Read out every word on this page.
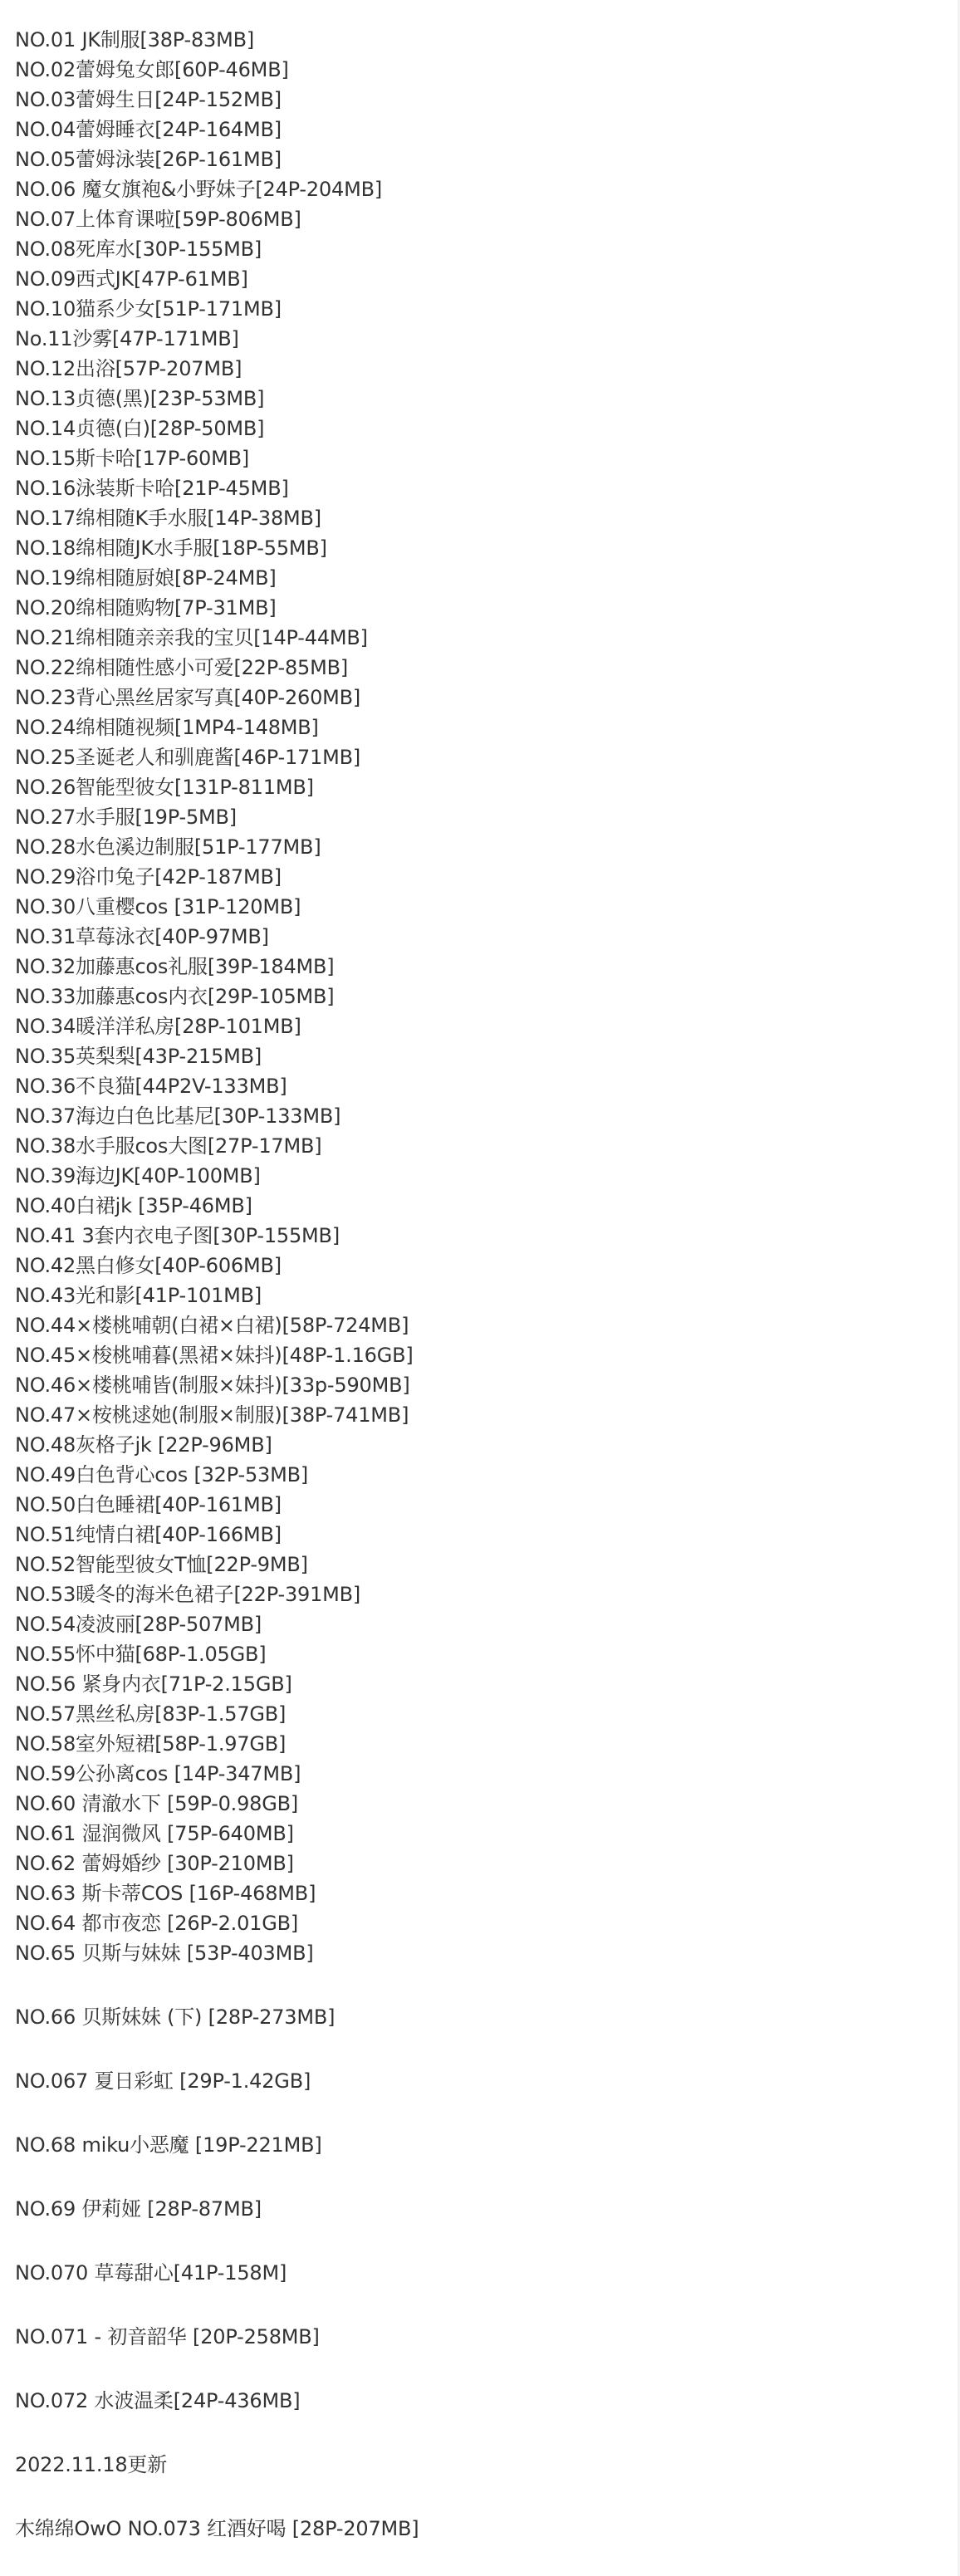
NO.01 JK制服[38P-83MB]
NO.02蕾姆兔女郎[60P-46MB]
NO.03蕾姆生日[24P-152MB]
NO.04蕾姆睡衣[24P-164MB]
NO.05蕾姆泳装[26P-161MB]
NO.06 魔女旗袍&小野妹子[24P-204MB]
NO.07上体育课啦[59P-806MB]
NO.08死库水[30P-155MB]
NO.09西式JK[47P-61MB]
NO.10猫系少女[51P-171MB]
No.11沙雾[47P-171MB]
NO.12出浴[57P-207MB]
NO.13贞德(黑)[23P-53MB]
NO.14贞德(白)[28P-50MB]
NO.15斯卡哈[17P-60MB]
NO.16泳装斯卡哈[21P-45MB]
NO.17绵相随K手水服[14P-38MB]
NO.18绵相随JK水手服[18P-55MB]
NO.19绵相随厨娘[8P-24MB]
NO.20绵相随购物[7P-31MB]
NO.21绵相随亲亲我的宝贝[14P-44MB]
NO.22绵相随性感小可爱[22P-85MB]
NO.23背心黑丝居家写真[40P-260MB]
NO.24绵相随视频[1MP4-148MB]
NO.25圣诞老人和驯鹿酱[46P-171MB]
NO.26智能型彼女[131P-811MB]
NO.27水手服[19P-5MB]
NO.28水色溪边制服[51P-177MB]
NO.29浴巾兔子[42P-187MB]
NO.30八重樱cos [31P-120MB]
NO.31草莓泳衣[40P-97MB]
NO.32加藤惠cos礼服[39P-184MB]
NO.33加藤惠cos内衣[29P-105MB]
NO.34暖洋洋私房[28P-101MB]
NO.35英梨梨[43P-215MB]
NO.36不良猫[44P2V-133MB]
NO.37海边白色比基尼[30P-133MB]
NO.38水手服cos大图[27P-17MB]
NO.39海边JK[40P-100MB]
NO.40白裙jk [35P-46MB]
NO.41 3套内衣电子图[30P-155MB]
NO.42黑白修女[40P-606MB]
NO.43光和影[41P-101MB]
NO.44×楼桃哺朝(白裙×白裙)[58P-724MB]
NO.45×梭桃哺暮(黑裙×妹抖)[48P-1.16GB]
NO.46×楼桃哺皆(制服×妹抖)[33p-590MB]
NO.47×桉桃逑她(制服×制服)[38P-741MB]
NO.48灰格子jk [22P-96MB]
NO.49白色背心cos [32P-53MB]
NO.50白色睡裙[40P-161MB]
NO.51纯情白裙[40P-166MB]
NO.52智能型彼女T恤[22P-9MB]
NO.53暖冬的海米色裙子[22P-391MB]
NO.54凌波丽[28P-507MB]
NO.55怀中猫[68P-1.05GB]
NO.56 紧身内衣[71P-2.15GB]
NO.57黑丝私房[83P-1.57GB]
NO.58室外短裙[58P-1.97GB]
NO.59公孙离cos [14P-347MB]
NO.60 清澈水下 [59P-0.98GB]
NO.61 湿润微风 [75P-640MB]
NO.62 蕾姆婚纱 [30P-210MB]
NO.63 斯卡蒂COS [16P-468MB]
NO.64 都市夜恋 [26P-2.01GB]
NO.65 贝斯与妹妹 [53P-403MB]
NO.66 贝斯妹妹 (下) [28P-273MB]
NO.067 夏日彩虹 [29P-1.42GB]
NO.68 miku小恶魔 [19P-221MB]
NO.69 伊莉娅 [28P-87MB]
NO.070 草莓甜心[41P-158M]
NO.071 - 初音韶华 [20P-258MB]
NO.072 水波温柔[24P-436MB]
2022.11.18更新
木绵绵OwO NO.073 红酒好喝 [28P-207MB]
